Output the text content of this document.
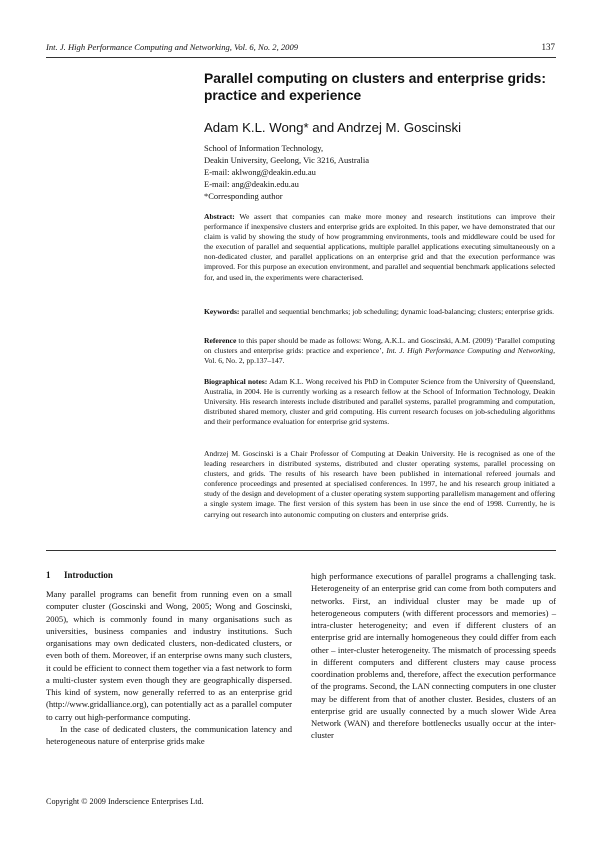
Int. J. High Performance Computing and Networking, Vol. 6, No. 2, 2009	137
Parallel computing on clusters and enterprise grids: practice and experience
Adam K.L. Wong* and Andrzej M. Goscinski
School of Information Technology,
Deakin University, Geelong, Vic 3216, Australia
E-mail: aklwong@deakin.edu.au
E-mail: ang@deakin.edu.au
*Corresponding author
Abstract: We assert that companies can make more money and research institutions can improve their performance if inexpensive clusters and enterprise grids are exploited. In this paper, we have demonstrated that our claim is valid by showing the study of how programming environments, tools and middleware could be used for the execution of parallel and sequential applications, multiple parallel applications executing simultaneously on a non-dedicated cluster, and parallel applications on an enterprise grid and that the execution performance was improved. For this purpose an execution environment, and parallel and sequential benchmark applications selected for, and used in, the experiments were characterised.
Keywords: parallel and sequential benchmarks; job scheduling; dynamic load-balancing; clusters; enterprise grids.
Reference to this paper should be made as follows: Wong, A.K.L. and Goscinski, A.M. (2009) ‘Parallel computing on clusters and enterprise grids: practice and experience’, Int. J. High Performance Computing and Networking, Vol. 6, No. 2, pp.137–147.
Biographical notes: Adam K.L. Wong received his PhD in Computer Science from the University of Queensland, Australia, in 2004. He is currently working as a research fellow at the School of Information Technology, Deakin University. His research interests include distributed and parallel systems, parallel programming and computation, distributed shared memory, cluster and grid computing. His current research focuses on job-scheduling algorithms and their performance evaluation for enterprise grid systems.
Andrzej M. Goscinski is a Chair Professor of Computing at Deakin University. He is recognised as one of the leading researchers in distributed systems, distributed and cluster operating systems, parallel processing on clusters, and grids. The results of his research have been published in international refereed journals and conference proceedings and presented at specialised conferences. In 1997, he and his research group initiated a study of the design and development of a cluster operating system supporting parallelism management and offering a single system image. The first version of this system has been in use since the end of 1998. Currently, he is carrying out research into autonomic computing on clusters and enterprise grids.
1 Introduction

Many parallel programs can benefit from running even on a small computer cluster (Goscinski and Wong, 2005; Wong and Goscinski, 2005), which is commonly found in many organisations such as universities, business companies and industry institutions. Such organisations may own dedicated clusters, non-dedicated clusters, or even both of them. Moreover, if an enterprise owns many such clusters, it could be efficient to connect them together via a fast network to form a multi-cluster system even though they are geographically dispersed. This kind of system, now generally referred to as an enterprise grid (http://www.gridalliance.org), can potentially act as a parallel computer to carry out high-performance computing.

In the case of dedicated clusters, the communication latency and heterogeneous nature of enterprise grids make

high performance executions of parallel programs a challenging task. Heterogeneity of an enterprise grid can come from both computers and networks. First, an individual cluster may be made up of heterogeneous computers (with different processors and memories) – intra-cluster heterogeneity; and even if different clusters of an enterprise grid are internally homogeneous they could differ from each other – inter-cluster heterogeneity. The mismatch of processing speeds in different computers and different clusters may cause process coordination problems and, therefore, affect the execution performance of the programs. Second, the LAN connecting computers in one cluster may be different from that of another cluster. Besides, clusters of an enterprise grid are usually connected by a much slower Wide Area Network (WAN) and therefore bottlenecks usually occur at the inter-cluster

Copyright © 2009 Inderscience Enterprises Ltd.
